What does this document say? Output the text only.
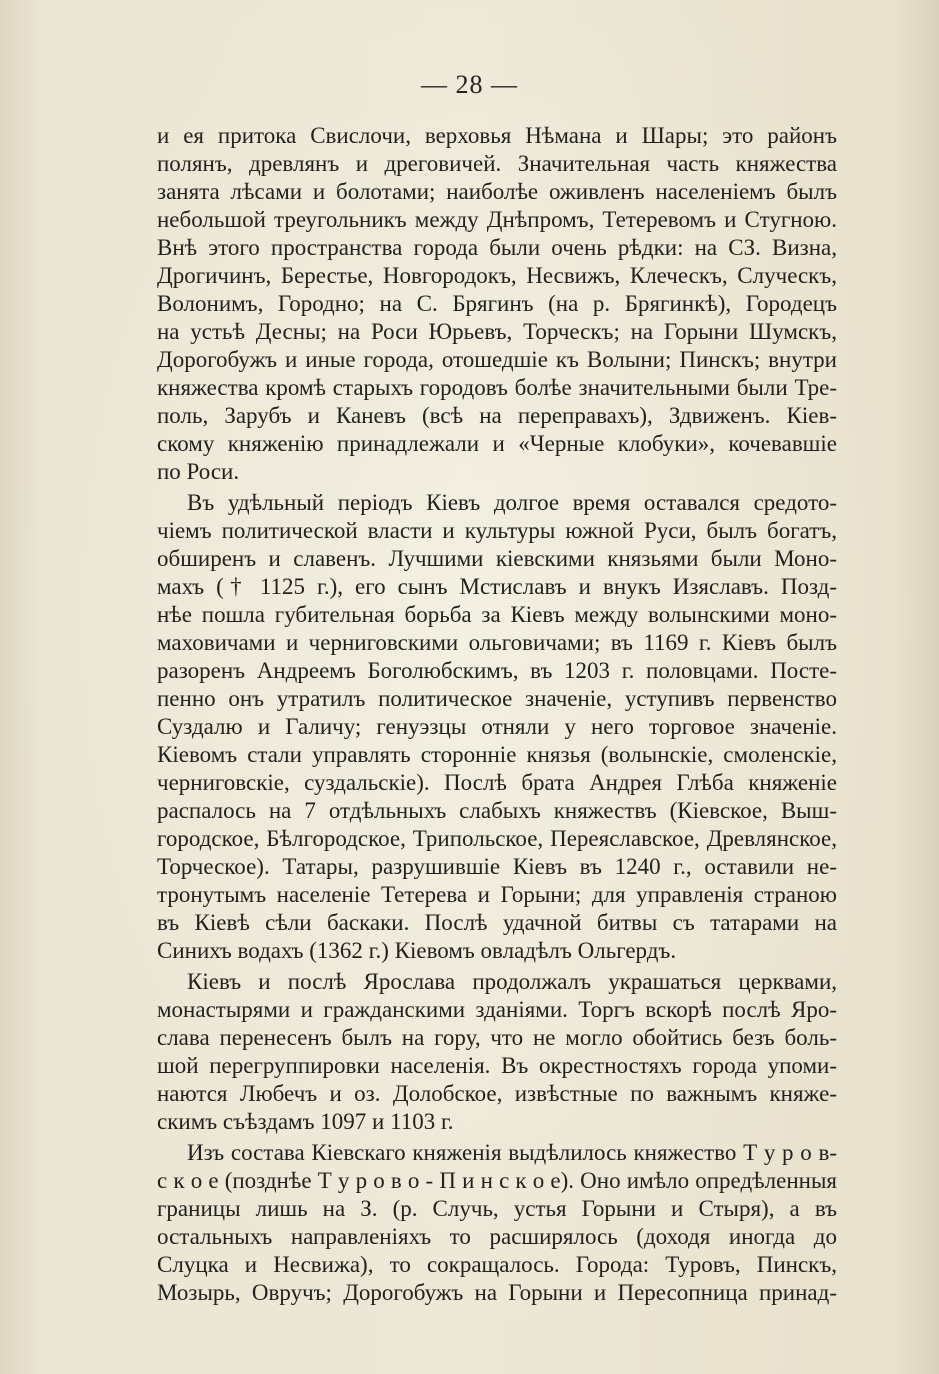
— 28 —
и ея притока Свислочи, верховья Нѣмана и Шары; это районъ
полянъ, древлянъ и дреговичей. Значительная часть княжества
занята лѣсами и болотами; наиболѣе оживленъ населеніемъ былъ
небольшой треугольникъ между Днѣпромъ, Тетеревомъ и Стугною.
Внѣ этого пространства города были очень рѣдки: на СЗ. Визна,
Дрогичинъ, Берестье, Новгородокъ, Несвижъ, Клеческъ, Случескъ,
Волонимъ, Городно; на С. Брягинъ (на р. Брягинкѣ), Городецъ
на устьѣ Десны; на Роси Юрьевъ, Торческъ; на Горыни Шумскъ,
Дорогобужъ и иные города, отошедшіе къ Волыни; Пинскъ; внутри
княжества кромѣ старыхъ городовъ болѣе значительными были Тре-
поль, Заруб‍ъ и Каневъ (всѣ на переправахъ), Здвиженъ. Кіев-
скому княженію принадлежали и «Черные клобуки», кочевавшіе
по Роси.
Въ удѣльный періодъ Кіевъ долгое время оставался средото-
чіемъ политической власти и культуры южной Руси, былъ богатъ,
обширенъ и славенъ. Лучшими кіевскими князьями были Моно-
махъ († 1125 г.), его сынъ Мстиславъ и внукъ Изяславъ. Позд-
нѣе пошла губительная борьба за Кіевъ между волынскими моно-
маховичами и черниговскими ольговичами; въ 1169 г. Кіевъ былъ
разоренъ Андреемъ Боголюбскимъ, въ 1203 г. половцами. Посте-
пенно онъ утратилъ политическое значеніе, уступивъ первенство
Суздалю и Галичу; генуэзцы отняли у него торговое значеніе.
Кіевомъ стали управлять сторонніе князья (волынскіе, смоленскіе,
черниговскіе, суздальскіе). Послѣ брата Андрея Глѣба княженіе
распалось на 7 отдѣльныхъ слабыхъ княжествъ (Кіевское, Выш-
городское, Бѣлгородское, Трипольское, Переяславское, Древлянское,
Торческое). Татары, разрушившіе Кіевъ въ 1240 г., оставили не-
тронутымъ населеніе Тетерева и Горыни; для управленія страною
въ Кіевѣ сѣли баскаки. Послѣ удачной битвы съ татарами на
Синихъ водахъ (1362 г.) Кіевомъ овладѣлъ Ольгердъ.
Кіевъ и послѣ Ярослава продолжалъ украшаться церквами,
монастырями и гражданскими зданіями. Торгъ вскорѣ послѣ Яро-
слава перенесенъ былъ на гору, что не могло обойтись безъ боль-
шой перегруппировки населенія. Въ окрестностяхъ города упоми-
наются Любечъ и оз. Долобское, извѣстные по важнымъ княже-
скимъ съѣздамъ 1097 и 1103 г.
Изъ состава Кіевскаго княженія выдѣлилось княжество Т у р о в-
с к о е (позднѣе Т у р о в о - П и н с к о е). Оно имѣло опредѣленныя
границы лишь на З. (р. Случь, устья Горыни и Стыря), а въ
остальныхъ направленіяхъ то расширялось (доходя иногда до
Слуцка и Несвижа), то сокращалось. Города: Туровъ, Пинскъ,
Мозырь, Овручъ; Дорогобужъ на Горыни и Пересопница принад-
